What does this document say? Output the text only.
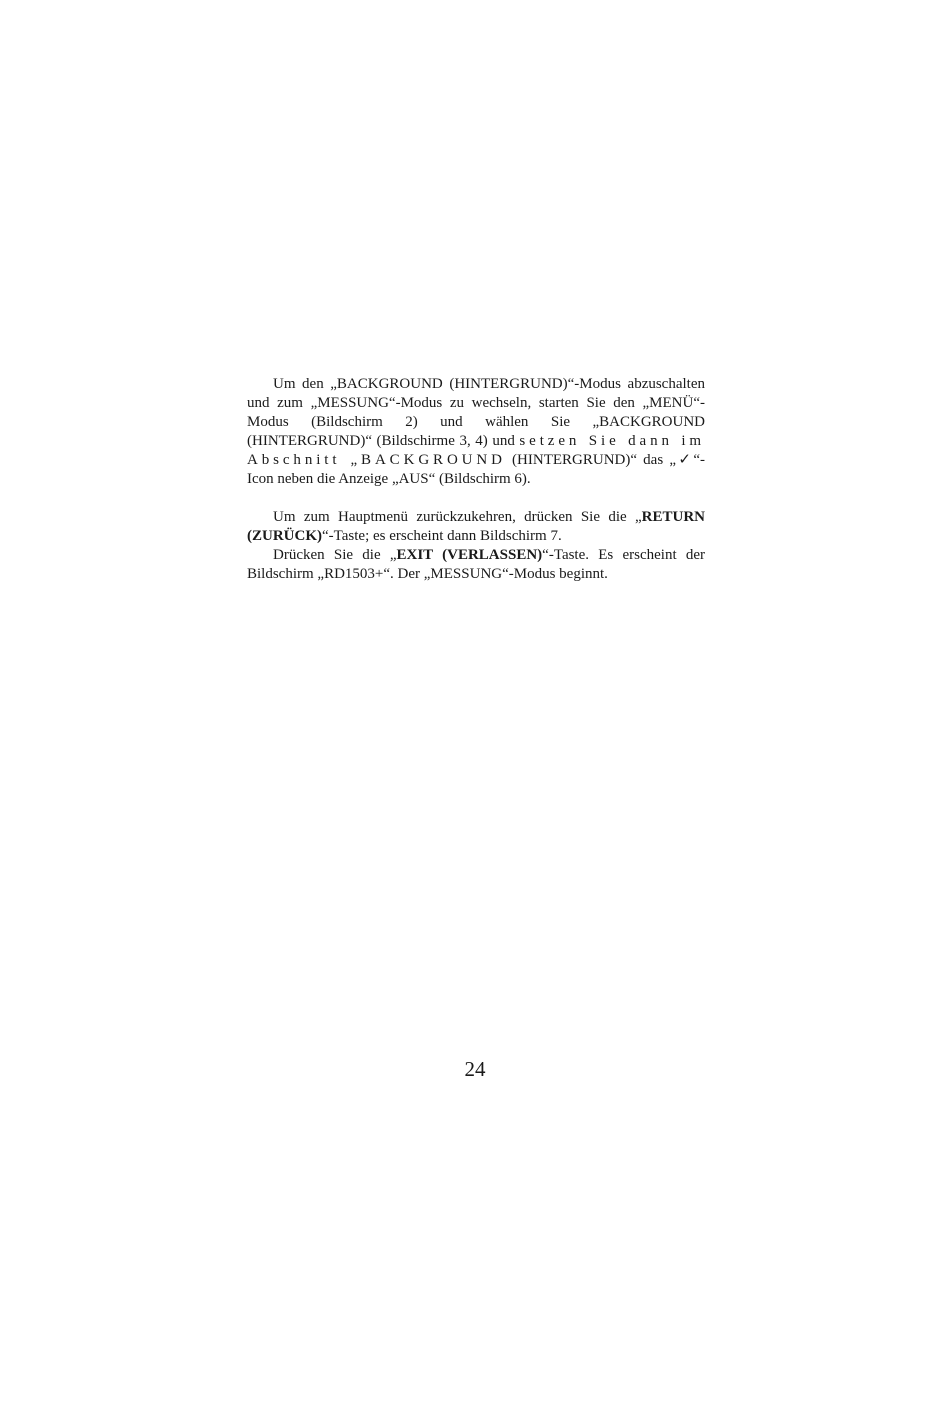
Um den „BACKGROUND (HINTERGRUND)“-Modus abzuschalten und zum „MESSUNG“-Modus zu wechseln, starten Sie den „MENÜ“-Modus (Bildschirm 2) und wählen Sie „BACKGROUND (HINTERGRUND)“ (Bildschirme 3, 4) und setzen Sie dann im Abschnitt „BACKGROUND (HINTERGRUND)“ das „✓“-Icon neben die Anzeige „AUS“ (Bildschirm 6).

Um zum Hauptmenü zurückzukehren, drücken Sie die „RETURN (ZURÜCK)“-Taste; es erscheint dann Bildschirm 7.

Drücken Sie die „EXIT (VERLASSEN)“-Taste. Es erscheint der Bildschirm „RD1503+“. Der „MESSUNG“-Modus beginnt.

24
